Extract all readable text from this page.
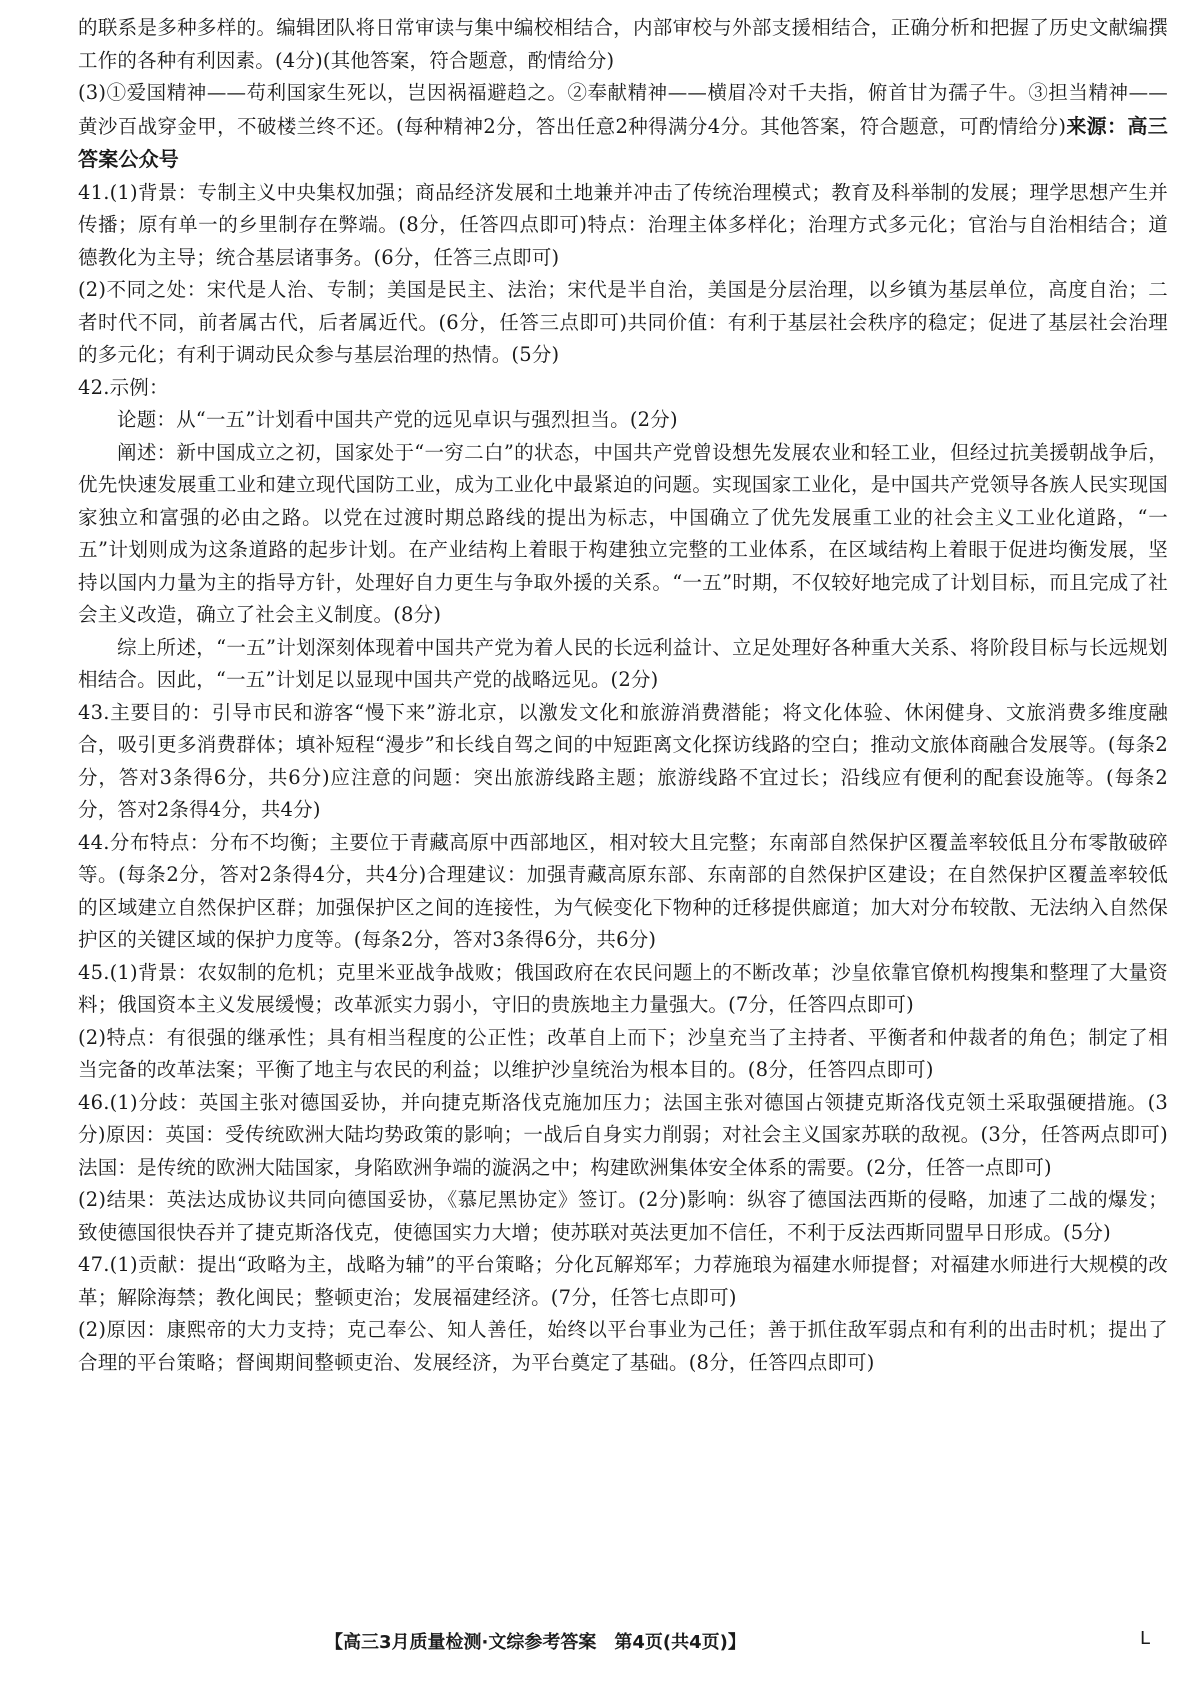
的联系是多种多样的。编辑团队将日常审读与集中编校相结合，内部审校与外部支援相结合，正确分析和把握了历史文献编撰工作的各种有利因素。(4分)(其他答案，符合题意，酌情给分)

(3)①爱国精神——苟利国家生死以，岂因祸福避趋之。②奉献精神——横眉冷对千夫指，俯首甘为孺子牛。③担当精神——黄沙百战穿金甲，不破楼兰终不还。(每种精神2分，答出任意2种得满分4分。其他答案，符合题意，可酌情给分)来源：高三答案公众号

41.(1)背景：专制主义中央集权加强；商品经济发展和土地兼并冲击了传统治理模式；教育及科举制的发展；理学思想产生并传播；原有单一的乡里制存在弊端。(8分，任答四点即可)特点：治理主体多样化；治理方式多元化；官治与自治相结合；道德教化为主导；统合基层诸事务。(6分，任答三点即可)

(2)不同之处：宋代是人治、专制；美国是民主、法治；宋代是半自治，美国是分层治理，以乡镇为基层单位，高度自治；二者时代不同，前者属古代，后者属近代。(6分，任答三点即可)共同价值：有利于基层社会秩序的稳定；促进了基层社会治理的多元化；有利于调动民众参与基层治理的热情。(5分)

42.示例：

论题：从“一五”计划看中国共产党的远见卓识与强烈担当。(2分)

阐述：新中国成立之初，国家处于“一穷二白”的状态，中国共产党曾设想先发展农业和轻工业，但经过抗美援朝战争后，优先快速发展重工业和建立现代国防工业，成为工业化中最紧迫的问题。实现国家工业化，是中国共产党领导各族人民实现国家独立和富强的必由之路。以党在过渡时期总路线的提出为标志，中国确立了优先发展重工业的社会主义工业化道路，“一五”计划则成为这条道路的起步计划。在产业结构上着眼于构建独立完整的工业体系，在区域结构上着眼于促进均衡发展，坚持以国内力量为主的指导方针，处理好自力更生与争取外援的关系。“一五”时期，不仅较好地完成了计划目标，而且完成了社会主义改造，确立了社会主义制度。(8分)

综上所述，“一五”计划深刻体现着中国共产党为着人民的长远利益计、立足处理好各种重大关系、将阶段目标与长远规划相结合。因此，“一五”计划足以显现中国共产党的战略远见。(2分)

43.主要目的：引导市民和游客“慢下来”游北京，以激发文化和旅游消费潜能；将文化体验、休闲健身、文旅消费多维度融合，吸引更多消费群体；填补短程“漫步”和长线自驾之间的中短距离文化探访线路的空白；推动文旅体商融合发展等。(每条2分，答对3条得6分，共6分)应注意的问题：突出旅游线路主题；旅游线路不宜过长；沿线应有便利的配套设施等。(每条2分，答对2条得4分，共4分)

44.分布特点：分布不均衡；主要位于青藏高原中西部地区，相对较大且完整；东南部自然保护区覆盖率较低且分布零散破碎等。(每条2分，答对2条得4分，共4分)合理建议：加强青藏高原东部、东南部的自然保护区建设；在自然保护区覆盖率较低的区域建立自然保护区群；加强保护区之间的连接性，为气候变化下物种的迁移提供廊道；加大对分布较散、无法纳入自然保护区的关键区域的保护力度等。(每条2分，答对3条得6分，共6分)

45.(1)背景：农奴制的危机；克里米亚战争战败；俄国政府在农民问题上的不断改革；沙皇依靠官僚机构搜集和整理了大量资料；俄国资本主义发展缓慢；改革派实力弱小，守旧的贵族地主力量强大。(7分，任答四点即可)

(2)特点：有很强的继承性；具有相当程度的公正性；改革自上而下；沙皇充当了主持者、平衡者和仲裁者的角色；制定了相当完备的改革法案；平衡了地主与农民的利益；以维护沙皇统治为根本目的。(8分，任答四点即可)

46.(1)分歧：英国主张对德国妥协，并向捷克斯洛伐克施加压力；法国主张对德国占领捷克斯洛伐克领土采取强硬措施。(3分)原因：英国：受传统欧洲大陆均势政策的影响；一战后自身实力削弱；对社会主义国家苏联的敌视。(3分，任答两点即可)法国：是传统的欧洲大陆国家，身陷欧洲争端的漩涡之中；构建欧洲集体安全体系的需要。(2分，任答一点即可)

(2)结果：英法达成协议共同向德国妥协，《慕尼黑协定》签订。(2分)影响：纵容了德国法西斯的侵略，加速了二战的爆发；致使德国很快吞并了捷克斯洛伐克，使德国实力大增；使苏联对英法更加不信任，不利于反法西斯同盟早日形成。(5分)

47.(1)贡献：提出“政略为主，战略为辅”的平台策略；分化瓦解郑军；力荐施琅为福建水师提督；对福建水师进行大规模的改革；解除海禁；教化闽民；整顿吏治；发展福建经济。(7分，任答七点即可)

(2)原因：康熙帝的大力支持；克己奉公、知人善任，始终以平台事业为己任；善于抓住敌军弱点和有利的出击时机；提出了合理的平台策略；督闽期间整顿吏治、发展经济，为平台奠定了基础。(8分，任答四点即可)

【高三3月质量检测·文综参考答案　第4页(共4页)】	L
